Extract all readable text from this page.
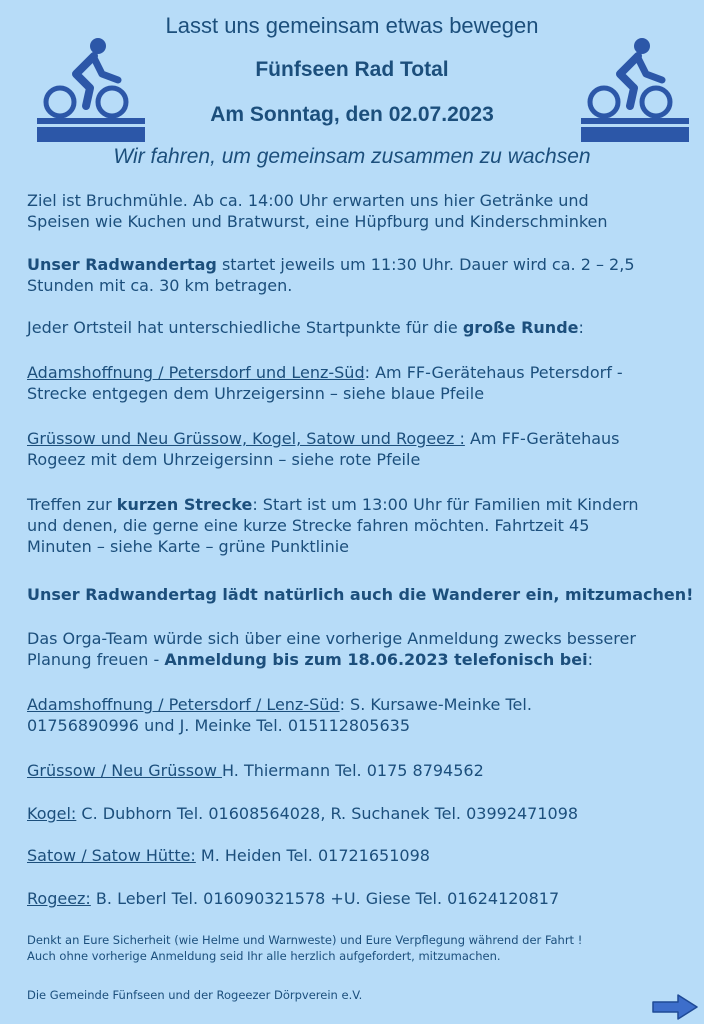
Lasst uns gemeinsam etwas bewegen
Fünfseen Rad Total
Am Sonntag, den 02.07.2023
Wir fahren, um gemeinsam zusammen zu wachsen
Ziel ist Bruchmühle. Ab ca. 14:00 Uhr erwarten uns hier Getränke und
Speisen wie Kuchen und Bratwurst, eine Hüpfburg und Kinderschminken
Unser Radwandertag startet jeweils um 11:30 Uhr. Dauer wird ca. 2 – 2,5
Stunden mit ca. 30 km betragen.
Jeder Ortsteil hat unterschiedliche Startpunkte für die große Runde:
Adamshoffnung / Petersdorf und Lenz-Süd: Am FF-Gerätehaus Petersdorf -
Strecke entgegen dem Uhrzeigersinn – siehe blaue Pfeile
Grüssow und Neu Grüssow, Kogel, Satow und Rogeez : Am FF-Gerätehaus
Rogeez mit dem Uhrzeigersinn – siehe rote Pfeile
Treffen zur kurzen Strecke: Start ist um 13:00 Uhr für Familien mit Kindern
und denen, die gerne eine kurze Strecke fahren möchten. Fahrtzeit 45
Minuten – siehe Karte – grüne Punktlinie
Unser Radwandertag lädt natürlich auch die Wanderer ein, mitzumachen!
Das Orga-Team würde sich über eine vorherige Anmeldung zwecks besserer
Planung freuen - Anmeldung bis zum 18.06.2023 telefonisch bei:
Adamshoffnung / Petersdorf / Lenz-Süd: S. Kursawe-Meinke Tel.
01756890996 und J. Meinke Tel. 015112805635
Grüssow / Neu Grüssow H. Thiermann Tel. 0175 8794562
Kogel: C. Dubhorn Tel. 01608564028, R. Suchanek Tel. 03992471098
Satow / Satow Hütte: M. Heiden Tel. 01721651098
Rogeez: B. Leberl Tel. 016090321578 +U. Giese Tel. 01624120817
Denkt an Eure Sicherheit (wie Helme und Warnweste) und Eure Verpflegung während der Fahrt !
Auch ohne vorherige Anmeldung seid Ihr alle herzlich aufgefordert, mitzumachen.
Die Gemeinde Fünfseen und der Rogeezer Dörpverein e.V.
